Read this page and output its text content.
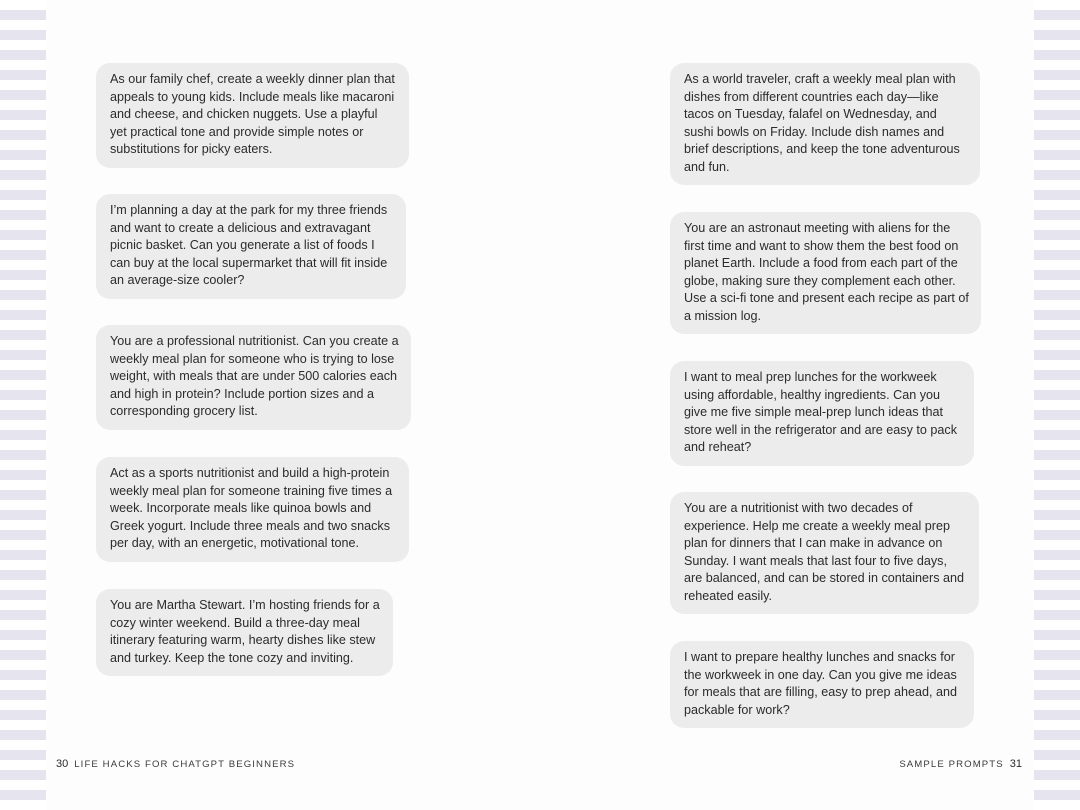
As our family chef, create a weekly dinner plan that appeals to young kids. Include meals like macaroni and cheese, and chicken nuggets. Use a playful yet practical tone and provide simple notes or substitutions for picky eaters.
I’m planning a day at the park for my three friends and want to create a delicious and extravagant picnic basket. Can you generate a list of foods I can buy at the local supermarket that will fit inside an average-size cooler?
You are a professional nutritionist. Can you create a weekly meal plan for someone who is trying to lose weight, with meals that are under 500 calories each and high in protein? Include portion sizes and a corresponding grocery list.
Act as a sports nutritionist and build a high-protein weekly meal plan for someone training five times a week. Incorporate meals like quinoa bowls and Greek yogurt. Include three meals and two snacks per day, with an energetic, motivational tone.
You are Martha Stewart. I’m hosting friends for a cozy winter weekend. Build a three-day meal itinerary featuring warm, hearty dishes like stew and turkey. Keep the tone cozy and inviting.
As a world traveler, craft a weekly meal plan with dishes from different countries each day—like tacos on Tuesday, falafel on Wednesday, and sushi bowls on Friday. Include dish names and brief descriptions, and keep the tone adventurous and fun.
You are an astronaut meeting with aliens for the first time and want to show them the best food on planet Earth. Include a food from each part of the globe, making sure they complement each other. Use a sci-fi tone and present each recipe as part of a mission log.
I want to meal prep lunches for the workweek using affordable, healthy ingredients. Can you give me five simple meal-prep lunch ideas that store well in the refrigerator and are easy to pack and reheat?
You are a nutritionist with two decades of experience. Help me create a weekly meal prep plan for dinners that I can make in advance on Sunday. I want meals that last four to five days, are balanced, and can be stored in containers and reheated easily.
I want to prepare healthy lunches and snacks for the workweek in one day. Can you give me ideas for meals that are filling, easy to prep ahead, and packable for work?
30 LIFE HACKS FOR CHATGPT BEGINNERS	SAMPLE PROMPTS 31
